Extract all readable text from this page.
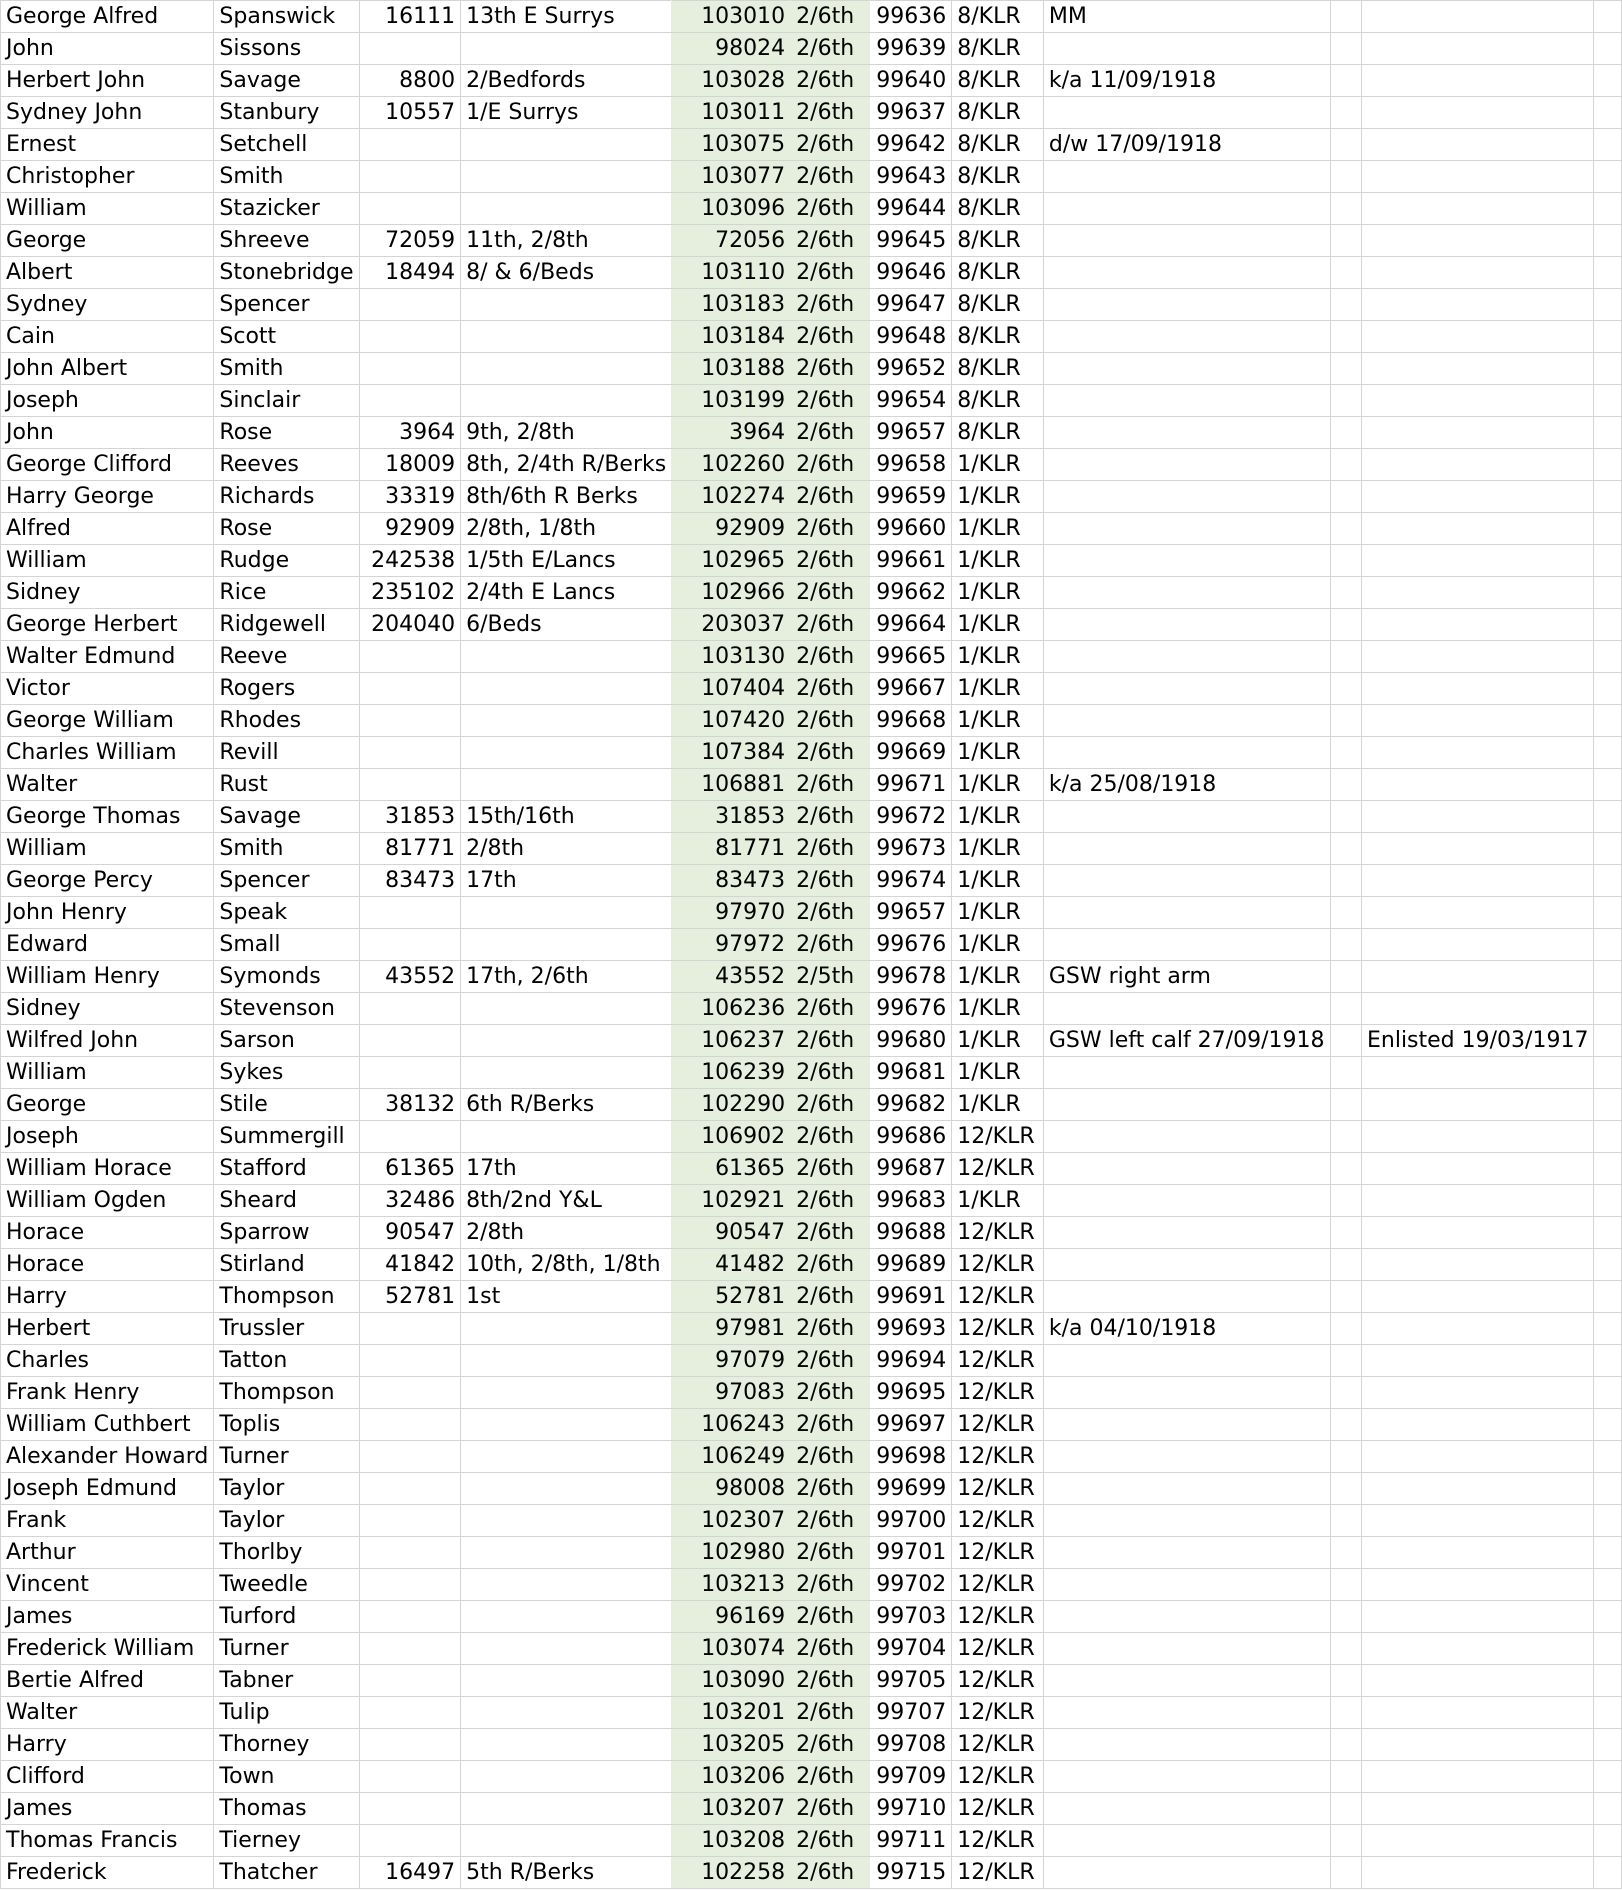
George Alfred	Spanswick	16111	13th E Surrys	103010	2/6th	99636	8/KLR	MM			
John	Sissons			98024	2/6th	99639	8/KLR				
Herbert John	Savage	8800	2/Bedfords	103028	2/6th	99640	8/KLR	k/a 11/09/1918			
Sydney John	Stanbury	10557	1/E Surrys	103011	2/6th	99637	8/KLR				
Ernest	Setchell			103075	2/6th	99642	8/KLR	d/w 17/09/1918			
Christopher	Smith			103077	2/6th	99643	8/KLR				
William	Stazicker			103096	2/6th	99644	8/KLR				
George	Shreeve	72059	11th, 2/8th	72056	2/6th	99645	8/KLR				
Albert	Stonebridge	18494	8/ & 6/Beds	103110	2/6th	99646	8/KLR				
Sydney	Spencer			103183	2/6th	99647	8/KLR				
Cain	Scott			103184	2/6th	99648	8/KLR				
John Albert	Smith			103188	2/6th	99652	8/KLR				
Joseph	Sinclair			103199	2/6th	99654	8/KLR				
John	Rose	3964	9th, 2/8th	3964	2/6th	99657	8/KLR				
George Clifford	Reeves	18009	8th, 2/4th R/Berks	102260	2/6th	99658	1/KLR				
Harry George	Richards	33319	8th/6th R Berks	102274	2/6th	99659	1/KLR				
Alfred	Rose	92909	2/8th, 1/8th	92909	2/6th	99660	1/KLR				
William	Rudge	242538	1/5th E/Lancs	102965	2/6th	99661	1/KLR				
Sidney	Rice	235102	2/4th E Lancs	102966	2/6th	99662	1/KLR				
George Herbert	Ridgewell	204040	6/Beds	203037	2/6th	99664	1/KLR				
Walter Edmund	Reeve			103130	2/6th	99665	1/KLR				
Victor	Rogers			107404	2/6th	99667	1/KLR				
George William	Rhodes			107420	2/6th	99668	1/KLR				
Charles William	Revill			107384	2/6th	99669	1/KLR				
Walter	Rust			106881	2/6th	99671	1/KLR	k/a 25/08/1918			
George Thomas	Savage	31853	15th/16th	31853	2/6th	99672	1/KLR				
William	Smith	81771	2/8th	81771	2/6th	99673	1/KLR				
George Percy	Spencer	83473	17th	83473	2/6th	99674	1/KLR				
John Henry	Speak			97970	2/6th	99657	1/KLR				
Edward	Small			97972	2/6th	99676	1/KLR				
William Henry	Symonds	43552	17th, 2/6th	43552	2/5th	99678	1/KLR	GSW right arm			
Sidney	Stevenson			106236	2/6th	99676	1/KLR				
Wilfred John	Sarson			106237	2/6th	99680	1/KLR	GSW left calf 27/09/1918		Enlisted 19/03/1917	
William	Sykes			106239	2/6th	99681	1/KLR				
George	Stile	38132	6th R/Berks	102290	2/6th	99682	1/KLR				
Joseph	Summergill			106902	2/6th	99686	12/KLR				
William Horace	Stafford	61365	17th	61365	2/6th	99687	12/KLR				
William Ogden	Sheard	32486	8th/2nd Y&L	102921	2/6th	99683	1/KLR				
Horace	Sparrow	90547	2/8th	90547	2/6th	99688	12/KLR				
Horace	Stirland	41842	10th, 2/8th, 1/8th	41482	2/6th	99689	12/KLR				
Harry	Thompson	52781	1st	52781	2/6th	99691	12/KLR				
Herbert	Trussler			97981	2/6th	99693	12/KLR	k/a 04/10/1918			
Charles	Tatton			97079	2/6th	99694	12/KLR				
Frank Henry	Thompson			97083	2/6th	99695	12/KLR				
William Cuthbert	Toplis			106243	2/6th	99697	12/KLR				
Alexander Howard	Turner			106249	2/6th	99698	12/KLR				
Joseph Edmund	Taylor			98008	2/6th	99699	12/KLR				
Frank	Taylor			102307	2/6th	99700	12/KLR				
Arthur	Thorlby			102980	2/6th	99701	12/KLR				
Vincent	Tweedle			103213	2/6th	99702	12/KLR				
James	Turford			96169	2/6th	99703	12/KLR				
Frederick William	Turner			103074	2/6th	99704	12/KLR				
Bertie Alfred	Tabner			103090	2/6th	99705	12/KLR				
Walter	Tulip			103201	2/6th	99707	12/KLR				
Harry	Thorney			103205	2/6th	99708	12/KLR				
Clifford	Town			103206	2/6th	99709	12/KLR				
James	Thomas			103207	2/6th	99710	12/KLR				
Thomas Francis	Tierney			103208	2/6th	99711	12/KLR				
Frederick	Thatcher	16497	5th R/Berks	102258	2/6th	99715	12/KLR				
